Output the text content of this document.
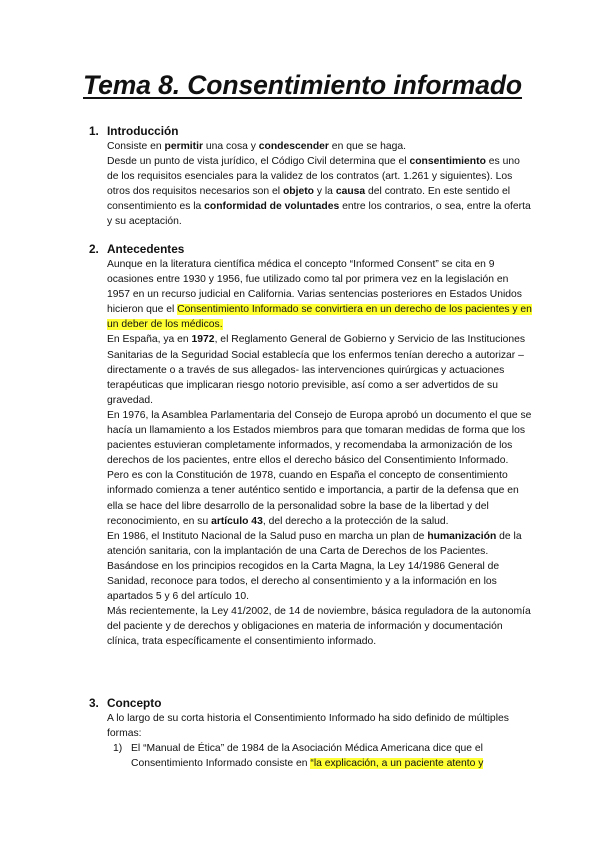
Tema 8. Consentimiento informado
1. Introducción

Consiste en permitir una cosa y condescender en que se haga.

Desde un punto de vista jurídico, el Código Civil determina que el consentimiento es uno de los requisitos esenciales para la validez de los contratos (art. 1.261 y siguientes). Los otros dos requisitos necesarios son el objeto y la causa del contrato. En este sentido el consentimiento es la conformidad de voluntades entre los contrarios, o sea, entre la oferta y su aceptación.

2. Antecedentes

Aunque en la literatura científica médica el concepto “Informed Consent” se cita en 9 ocasiones entre 1930 y 1956, fue utilizado como tal por primera vez en la legislación en 1957 en un recurso judicial en California. Varias sentencias posteriores en Estados Unidos hicieron que el Consentimiento Informado se convirtiera en un derecho de los pacientes y en un deber de los médicos.

En España, ya en 1972, el Reglamento General de Gobierno y Servicio de las Instituciones Sanitarias de la Seguridad Social establecía que los enfermos tenían derecho a autorizar –directamente o a través de sus allegados- las intervenciones quirúrgicas y actuaciones terapéuticas que implicaran riesgo notorio previsible, así como a ser advertidos de su gravedad.

En 1976, la Asamblea Parlamentaria del Consejo de Europa aprobó un documento el que se hacía un llamamiento a los Estados miembros para que tomaran medidas de forma que los pacientes estuvieran completamente informados, y recomendaba la armonización de los derechos de los pacientes, entre ellos el derecho básico del Consentimiento Informado.

Pero es con la Constitución de 1978, cuando en España el concepto de consentimiento informado comienza a tener auténtico sentido e importancia, a partir de la defensa que en ella se hace del libre desarrollo de la personalidad sobre la base de la libertad y del reconocimiento, en su artículo 43, del derecho a la protección de la salud.

En 1986, el Instituto Nacional de la Salud puso en marcha un plan de humanización de la atención sanitaria, con la implantación de una Carta de Derechos de los Pacientes.

Basándose en los principios recogidos en la Carta Magna, la Ley 14/1986 General de Sanidad, reconoce para todos, el derecho al consentimiento y a la información en los apartados 5 y 6 del artículo 10.

Más recientemente, la Ley 41/2002, de 14 de noviembre, básica reguladora de la autonomía del paciente y de derechos y obligaciones en materia de información y documentación clínica, trata específicamente el consentimiento informado.

3. Concepto

A lo largo de su corta historia el Consentimiento Informado ha sido definido de múltiples formas:

1) El “Manual de Ética” de 1984 de la Asociación Médica Americana dice que el Consentimiento Informado consiste en “la explicación, a un paciente atento y
